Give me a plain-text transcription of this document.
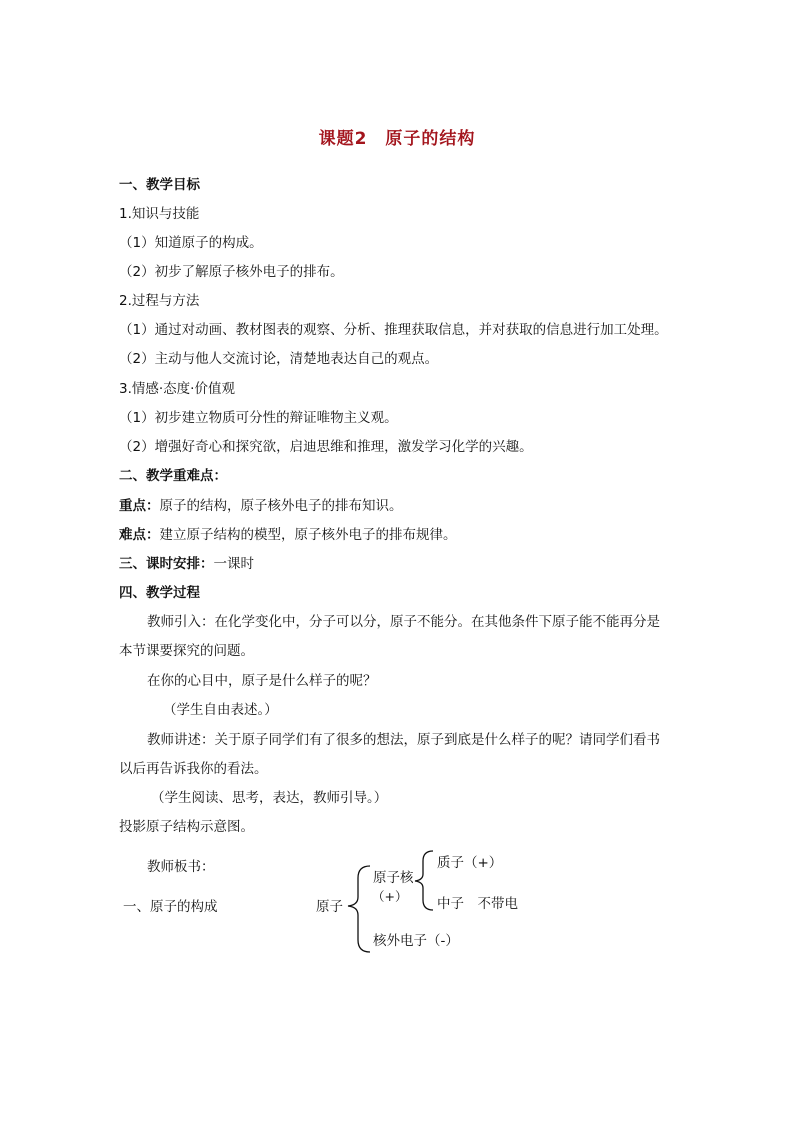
课题2　原子的结构
一、教学目标
1.知识与技能
（1）知道原子的构成。
（2）初步了解原子核外电子的排布。
2.过程与方法
（1）通过对动画、教材图表的观察、分析、推理获取信息，并对获取的信息进行加工处理。
（2）主动与他人交流讨论，清楚地表达自己的观点。
3.情感·态度·价值观
（1）初步建立物质可分性的辩证唯物主义观。
（2）增强好奇心和探究欲，启迪思维和推理，激发学习化学的兴趣。
二、教学重难点：
重点：原子的结构，原子核外电子的排布知识。
难点：建立原子结构的模型，原子核外电子的排布规律。
三、课时安排：一课时
四、教学过程
教师引入：在化学变化中，分子可以分，原子不能分。在其他条件下原子能不能再分是
本节课要探究的问题。
在你的心目中，原子是什么样子的呢？
（学生自由表述。）
教师讲述：关于原子同学们有了很多的想法，原子到底是什么样子的呢？请同学们看书
以后再告诉我你的看法。
（学生阅读、思考，表达，教师引导。）
投影原子结构示意图。
教师板书：
一、原子的构成	原子
原子核
（+）
质子（+）
中子　不带电
核外电子（-）
